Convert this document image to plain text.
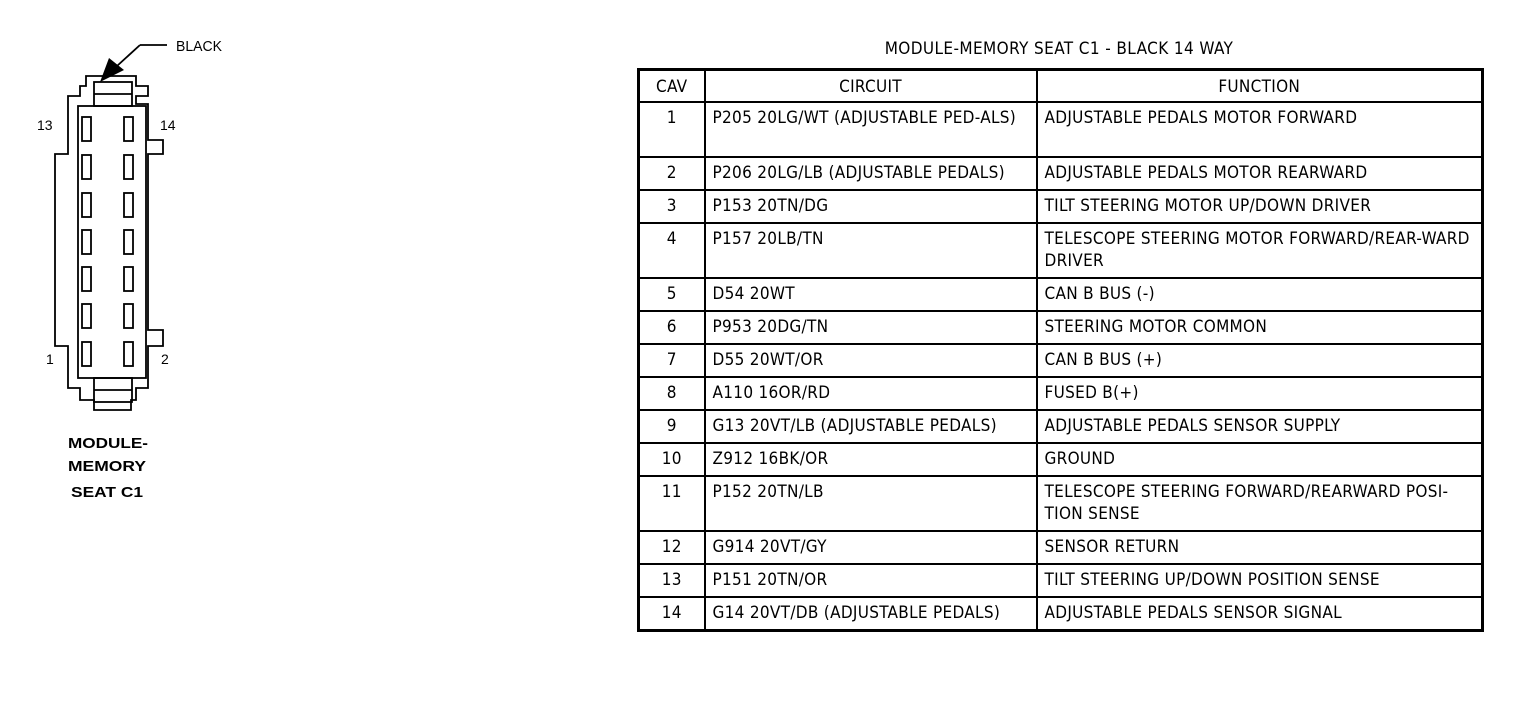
BLACK
13	14
1	2
MODULE-
MEMORY
SEAT C1
MODULE-MEMORY SEAT C1 - BLACK 14 WAY
CAV	CIRCUIT	FUNCTION
1	P205 20LG/WT (ADJUSTABLE PED-ALS)	ADJUSTABLE PEDALS MOTOR FORWARD
2	P206 20LG/LB (ADJUSTABLE PEDALS)	ADJUSTABLE PEDALS MOTOR REARWARD
3	P153 20TN/DG	TILT STEERING MOTOR UP/DOWN DRIVER
4	P157 20LB/TN	TELESCOPE STEERING MOTOR FORWARD/REAR-WARD DRIVER
5	D54 20WT	CAN B BUS (-)
6	P953 20DG/TN	STEERING MOTOR COMMON
7	D55 20WT/OR	CAN B BUS (+)
8	A110 16OR/RD	FUSED B(+)
9	G13 20VT/LB (ADJUSTABLE PEDALS)	ADJUSTABLE PEDALS SENSOR SUPPLY
10	Z912 16BK/OR	GROUND
11	P152 20TN/LB	TELESCOPE STEERING FORWARD/REARWARD POSI-TION SENSE
12	G914 20VT/GY	SENSOR RETURN
13	P151 20TN/OR	TILT STEERING UP/DOWN POSITION SENSE
14	G14 20VT/DB (ADJUSTABLE PEDALS)	ADJUSTABLE PEDALS SENSOR SIGNAL
